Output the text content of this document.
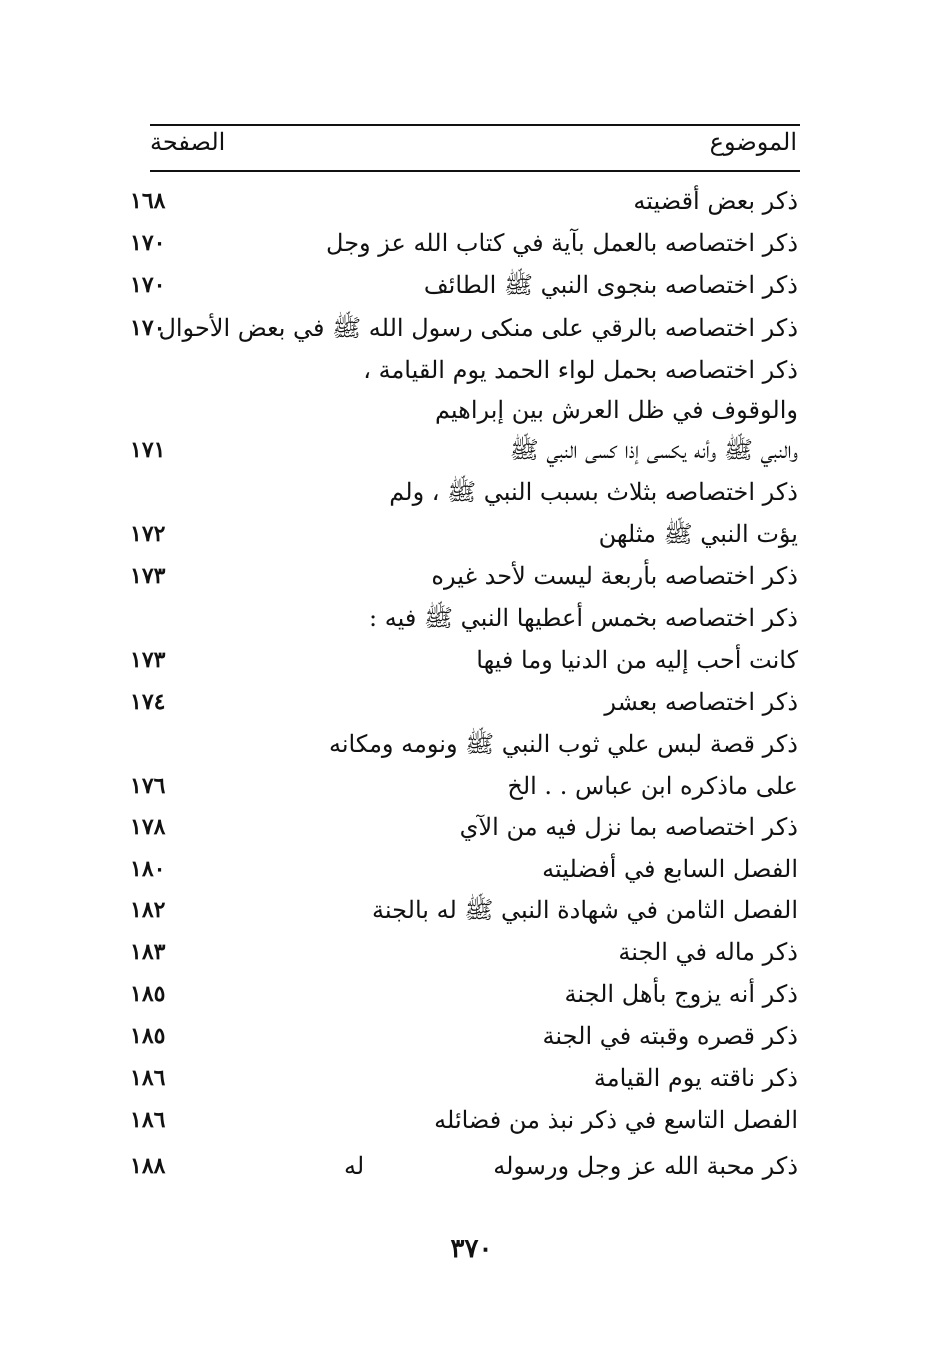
الموضوع
الصفحة
ذكر بعض أقضيته
١٦٨
ذكر اختصاصه بالعمل بآية في كتاب الله عز وجل
١٧٠
ذكر اختصاصه بنجوى النبي ﷺ الطائف
١٧٠
ذكر اختصاصه بالرقي على منكى رسول الله ﷺ في بعض الأحوال
١٧٠
ذكر اختصاصه بحمل لواء الحمد يوم القيامة ،
والوقوف في ظل العرش بين إبراهيم
والنبي ﷺ وأنه يكسى إذا كسى النبي ﷺ
١٧١
ذكر اختصاصه بثلاث بسبب النبي ﷺ ، ولم
يؤت النبي ﷺ مثلهن
١٧٢
ذكر اختصاصه بأربعة ليست لأحد غيره
١٧٣
ذكر اختصاصه بخمس أعطيها النبي ﷺ فيه :
كانت أحب إليه من الدنيا وما فيها
١٧٣
ذكر اختصاصه بعشر
١٧٤
ذكر قصة لبس علي ثوب النبي ﷺ ونومه ومكانه
على ماذكره ابن عباس . . الخ
١٧٦
ذكر اختصاصه بما نزل فيه من الآي
١٧٨
الفصل السابع في أفضليته
١٨٠
الفصل الثامن في شهادة النبي ﷺ له بالجنة
١٨٢
ذكر ماله في الجنة
١٨٣
ذكر أنه يزوج بأهل الجنة
١٨٥
ذكر قصره وقبته في الجنة
١٨٥
ذكر ناقته يوم القيامة
١٨٦
الفصل التاسع في ذكر نبذ من فضائله
١٨٦
ذكر محبة الله عز وجل ورسوله
١٨٨	له
٣٧٠
